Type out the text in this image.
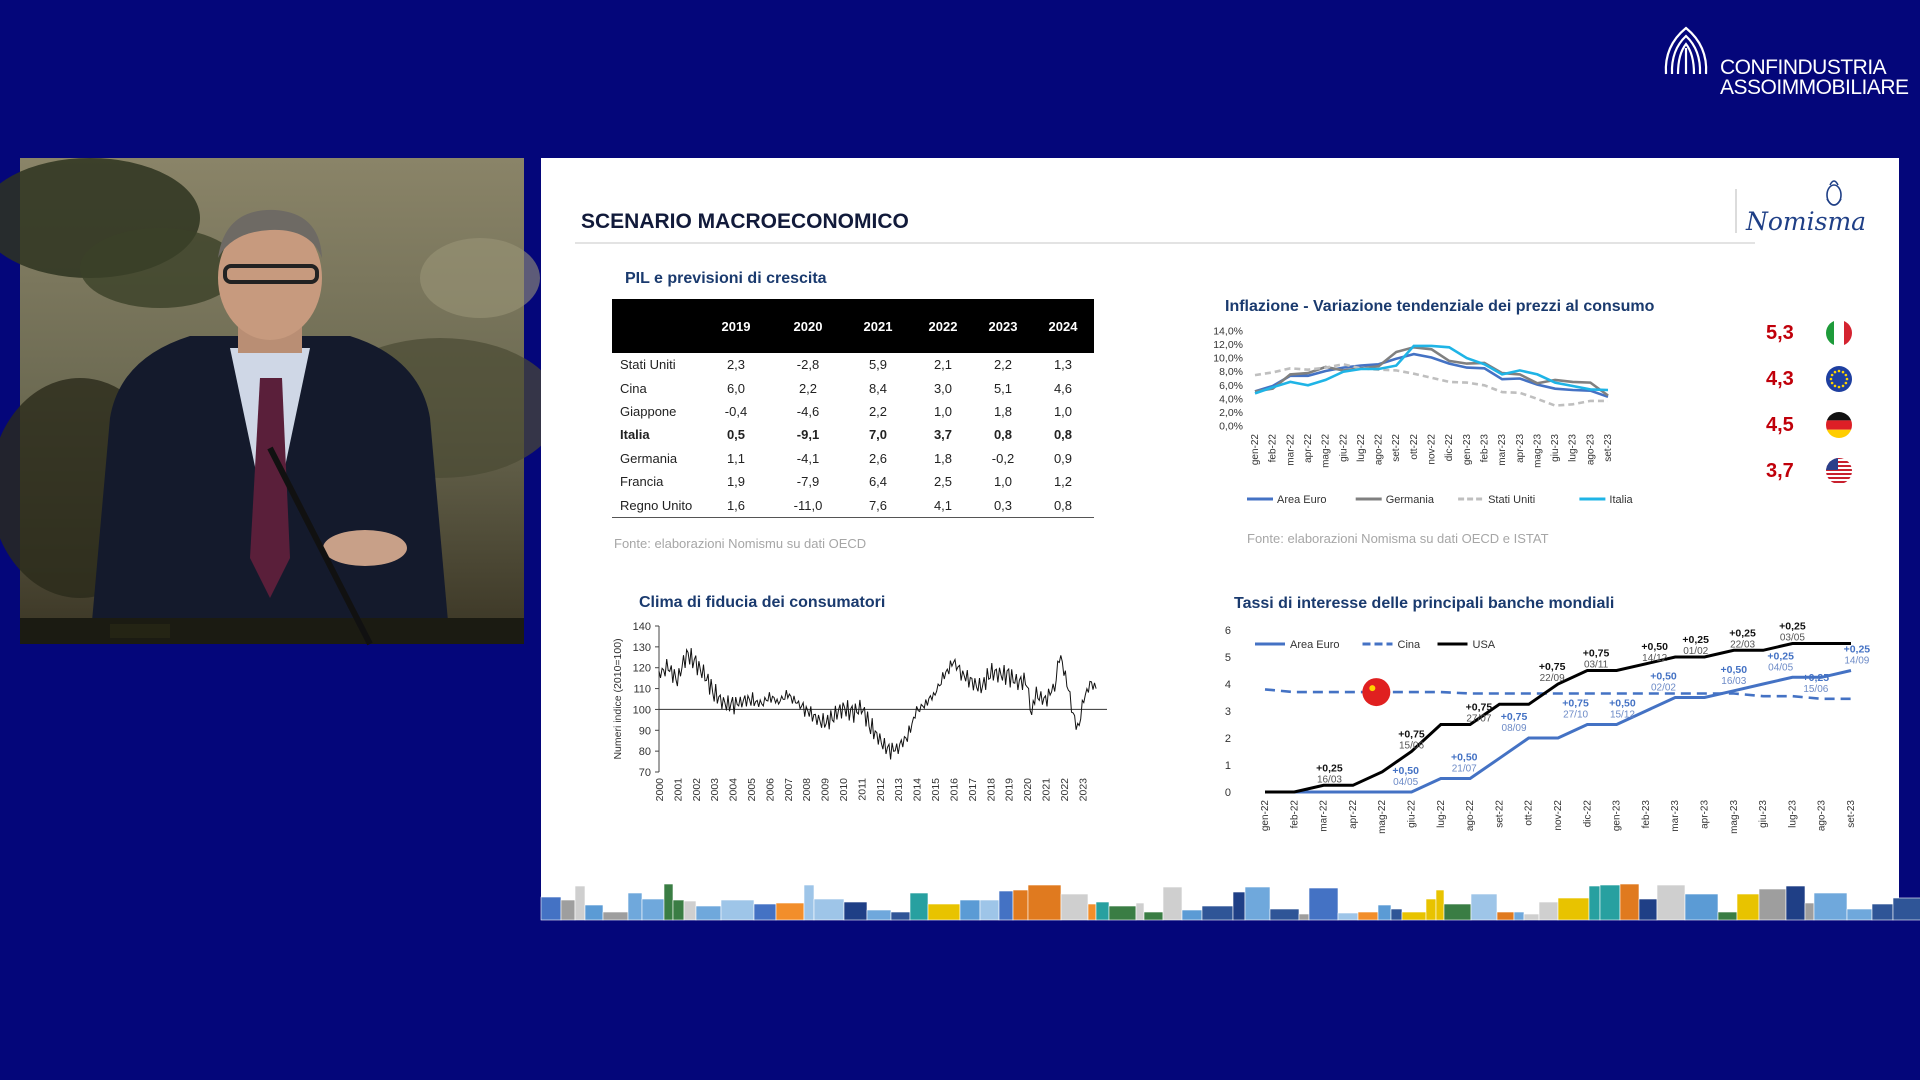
CONFINDUSTRIA
ASSOIMMOBILIARE
SCENARIO MACROECONOMICO	Nomisma
PIL e previsioni di crescita
	2019	2020	2021	2022	2023	2024
Stati Uniti	2,3	-2,8	5,9	2,1	2,2	1,3
Cina	6,0	2,2	8,4	3,0	5,1	4,6
Giappone	-0,4	-4,6	2,2	1,0	1,8	1,0
Italia	0,5	-9,1	7,0	3,7	0,8	0,8
Germania	1,1	-4,1	2,6	1,8	-0,2	0,9
Francia	1,9	-7,9	6,4	2,5	1,0	1,2
Regno Unito	1,6	-11,0	7,6	4,1	0,3	0,8
Fonte: elaborazioni Nomismu su dati OECD
Inflazione - Variazione tendenziale dei prezzi al consumo
14,0%
12,0%
10,0%
8,0%
6,0%
4,0%
2,0%
0,0%
gen-22 feb-22 mar-22 apr-22 mag-22 giu-22 lug-22 ago-22 set-22 ott-22 nov-22 dic-22 gen-23 feb-23 mar-23 apr-23 mag-23 giu-23 lug-23 ago-23 set-23
Area Euro	Germania	Stati Uniti	Italia
Fonte: elaborazioni Nomisma su dati OECD e ISTAT
5,3
4,3
4,5
3,7
Clima di fiducia dei consumatori
140
130
120
110
100
90
80
70
Numeri indice (2010=100)
2000 2001 2002 2003 2004 2005 2006 2007 2008 2009 2010 2011 2012 2013 2014 2015 2016 2017 2018 2019 2020 2021 2022 2023
Tassi di interesse delle principali banche mondiali
6
5
4
3
2
1
0
gen-22 feb-22 mar-22 apr-22 mag-22 giu-22 lug-22 ago-22 set-22 ott-22 nov-22 dic-22 gen-23 feb-23 mar-23 apr-23 mag-23 giu-23 lug-23 ago-23 set-23
Area Euro	Cina	USA
+0,25
16/03
+0,75
15/06
+0,75
27/07
+0,75
22/09
+0,75
03/11
+0,50
14/12
+0,25
01/02
+0,25
22/03
+0,25
03/05
+0,50
04/05
+0,50
21/07
+0,75
08/09
+0,75
27/10
+0,50
15/12
+0,50
02/02
+0,50
16/03
+0,25
04/05
+0,25
15/06
+0,25
14/09
